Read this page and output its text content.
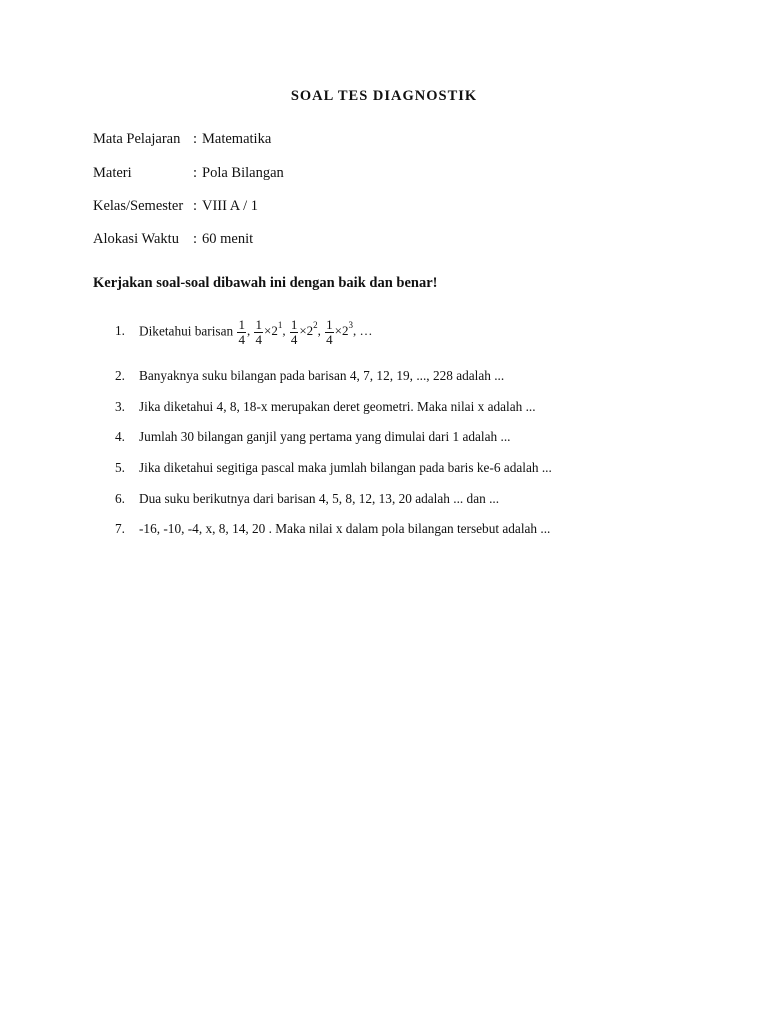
SOAL TES DIAGNOSTIK
Mata Pelajaran : Matematika
Materi	: Pola Bilangan
Kelas/Semester : VIII A / 1
Alokasi Waktu : 60 menit
Kerjakan soal-soal dibawah ini dengan baik dan benar!
1. Diketahui barisan $\frac{1}{4}$ , $\frac{1}{4} \times 2^1$, $\frac{1}{4} \times 2^2$, $\frac{1}{4} \times 2^3$, …
2. Banyaknya suku bilangan pada barisan 4, 7, 12, 19, ..., 228 adalah ...
3. Jika diketahui 4, 8, 18-x merupakan deret geometri. Maka nilai x adalah ...
4. Jumlah 30 bilangan ganjil yang pertama yang dimulai dari 1 adalah ...
5. Jika diketahui segitiga pascal maka jumlah bilangan pada baris ke-6 adalah ...
6. Dua suku berikutnya dari barisan 4, 5, 8, 12, 13, 20 adalah ... dan ...
7. -16, -10, -4, x, 8, 14, 20 . Maka nilai x dalam pola bilangan tersebut adalah ...
